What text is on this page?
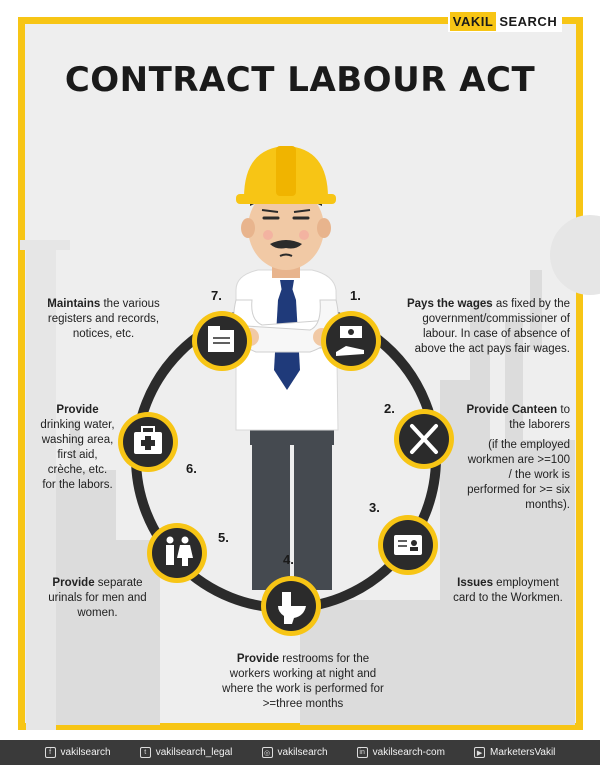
VAKIL SEARCH
CONTRACT LABOUR ACT
7.	1.
6.
2.
5.
3.
4.
Maintains the various registers and records, notices, etc.
Pays the wages as fixed by the government/commissioner of labour. In case of absence of above the act pays fair wages.
Provide drinking water, washing area, first aid, crèche, etc. for the labors.
Provide Canteen to the laborers
(if the employed workmen are >=100 / the work is performed for >= six months).
Provide separate urinals for men and women.
Issues employment card to the Workmen.
Provide restrooms for the workers working at night and where the work is performed for >=three months
f vakilsearch	t vakilsearch_legal	◎ vakilsearch	in vakilsearch-com	▶ MarketersVakil
